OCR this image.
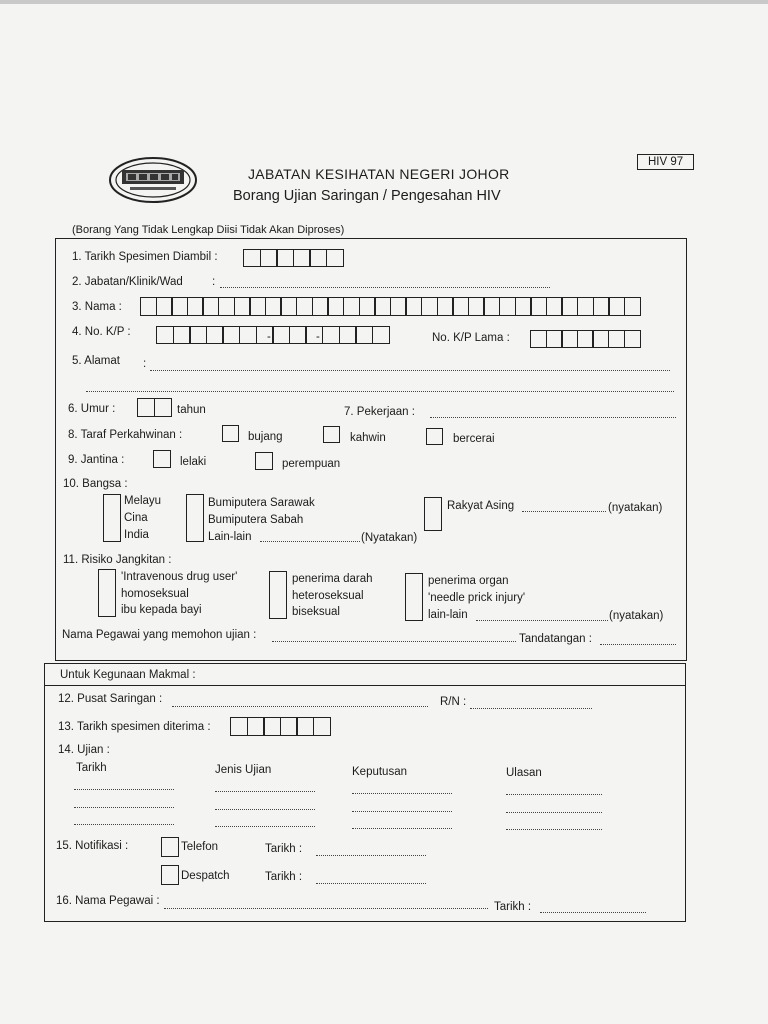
JABATAN KESIHATAN NEGERI JOHOR
Borang Ujian Saringan / Pengesahan HIV
HIV 97
(Borang Yang Tidak Lengkap Diisi Tidak Akan Diproses)
1. Tarikh Spesimen Diambil :
2. Jabatan/Klinik/Wad	:
3. Nama :
4. No. K/P :	-	-	No. K/P Lama :
5. Alamat :
6. Umur :	tahun	7. Pekerjaan :
8. Taraf Perkahwinan :	bujang	kahwin	bercerai
9. Jantina :	lelaki	perempuan
10. Bangsa :
Melayu
Cina
India
Bumiputera Sarawak
Bumiputera Sabah
Lain-lain	(Nyatakan)
Rakyat Asing	(nyatakan)
11. Risiko Jangkitan :
'Intravenous drug user'
homoseksual
ibu kepada bayi
penerima darah
heteroseksual
biseksual
penerima organ
'needle prick injury'
lain-lain	(nyatakan)
Nama Pegawai yang memohon ujian :	Tandatangan :
Untuk Kegunaan Makmal :
12. Pusat Saringan :	R/N :
13. Tarikh spesimen diterima :
14. Ujian :
Tarikh	Jenis Ujian	Keputusan	Ulasan
15. Notifikasi :	Telefon	Tarikh :
Despatch	Tarikh :
16. Nama Pegawai :	Tarikh :
